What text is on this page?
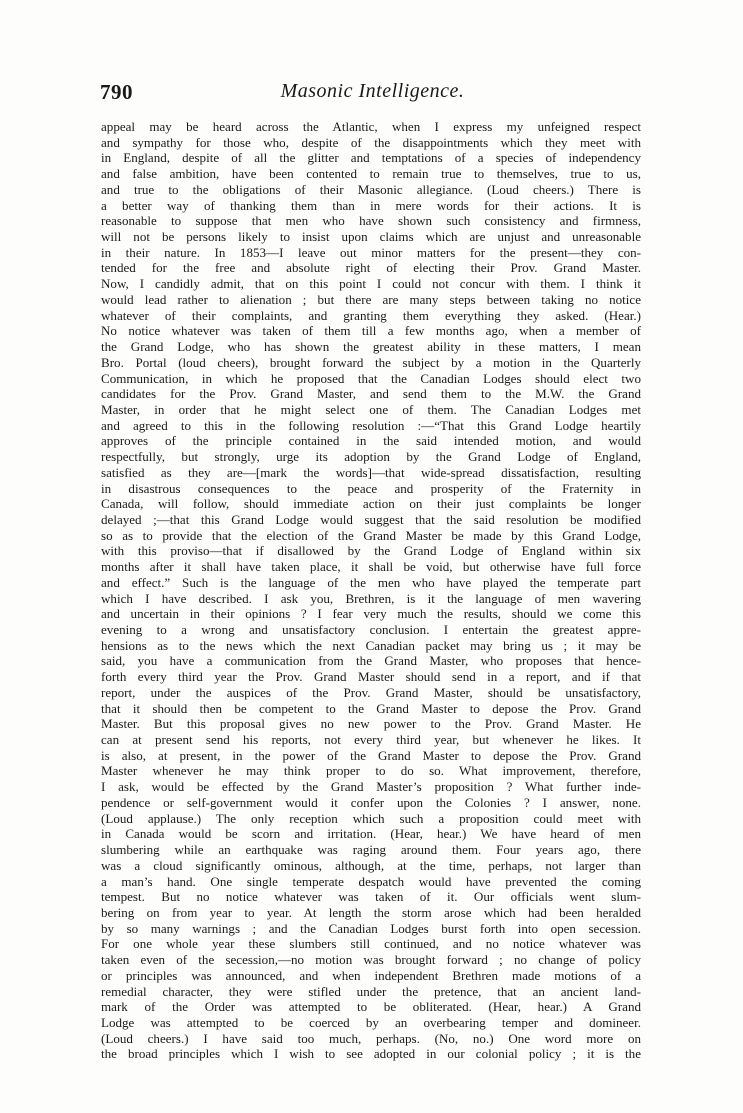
790	Masonic Intelligence.
appeal may be heard across the Atlantic, when I express my unfeigned respect
and sympathy for those who, despite of the disappointments which they meet with
in England, despite of all the glitter and temptations of a species of independency
and false ambition, have been contented to remain true to themselves, true to us,
and true to the obligations of their Masonic allegiance. (Loud cheers.) There is
a better way of thanking them than in mere words for their actions. It is
reasonable to suppose that men who have shown such consistency and firmness,
will not be persons likely to insist upon claims which are unjust and unreasonable
in their nature. In 1853—I leave out minor matters for the present—they con-
tended for the free and absolute right of electing their Prov. Grand Master.
Now, I candidly admit, that on this point I could not concur with them. I think it
would lead rather to alienation ; but there are many steps between taking no notice
whatever of their complaints, and granting them everything they asked. (Hear.)
No notice whatever was taken of them till a few months ago, when a member of
the Grand Lodge, who has shown the greatest ability in these matters, I mean
Bro. Portal (loud cheers), brought forward the subject by a motion in the Quarterly
Communication, in which he proposed that the Canadian Lodges should elect two
candidates for the Prov. Grand Master, and send them to the M.W. the Grand
Master, in order that he might select one of them. The Canadian Lodges met
and agreed to this in the following resolution :—“That this Grand Lodge heartily
approves of the principle contained in the said intended motion, and would
respectfully, but strongly, urge its adoption by the Grand Lodge of England,
satisfied as they are—[mark the words]—that wide-spread dissatisfaction, resulting
in disastrous consequences to the peace and prosperity of the Fraternity in
Canada, will follow, should immediate action on their just complaints be longer
delayed ;—that this Grand Lodge would suggest that the said resolution be modified
so as to provide that the election of the Grand Master be made by this Grand Lodge,
with this proviso—that if disallowed by the Grand Lodge of England within six
months after it shall have taken place, it shall be void, but otherwise have full force
and effect.” Such is the language of the men who have played the temperate part
which I have described. I ask you, Brethren, is it the language of men wavering
and uncertain in their opinions ? I fear very much the results, should we come this
evening to a wrong and unsatisfactory conclusion. I entertain the greatest appre-
hensions as to the news which the next Canadian packet may bring us ; it may be
said, you have a communication from the Grand Master, who proposes that hence-
forth every third year the Prov. Grand Master should send in a report, and if that
report, under the auspices of the Prov. Grand Master, should be unsatisfactory,
that it should then be competent to the Grand Master to depose the Prov. Grand
Master. But this proposal gives no new power to the Prov. Grand Master. He
can at present send his reports, not every third year, but whenever he likes. It
is also, at present, in the power of the Grand Master to depose the Prov. Grand
Master whenever he may think proper to do so. What improvement, therefore,
I ask, would be effected by the Grand Master’s proposition ? What further inde-
pendence or self-government would it confer upon the Colonies ? I answer, none.
(Loud applause.) The only reception which such a proposition could meet with
in Canada would be scorn and irritation. (Hear, hear.) We have heard of men
slumbering while an earthquake was raging around them. Four years ago, there
was a cloud significantly ominous, although, at the time, perhaps, not larger than
a man’s hand. One single temperate despatch would have prevented the coming
tempest. But no notice whatever was taken of it. Our officials went slum-
bering on from year to year. At length the storm arose which had been heralded
by so many warnings ; and the Canadian Lodges burst forth into open secession.
For one whole year these slumbers still continued, and no notice whatever was
taken even of the secession,—no motion was brought forward ; no change of policy
or principles was announced, and when independent Brethren made motions of a
remedial character, they were stifled under the pretence, that an ancient land-
mark of the Order was attempted to be obliterated. (Hear, hear.) A Grand
Lodge was attempted to be coerced by an overbearing temper and domineer.
(Loud cheers.) I have said too much, perhaps. (No, no.) One word more on
the broad principles which I wish to see adopted in our colonial policy ; it is the
